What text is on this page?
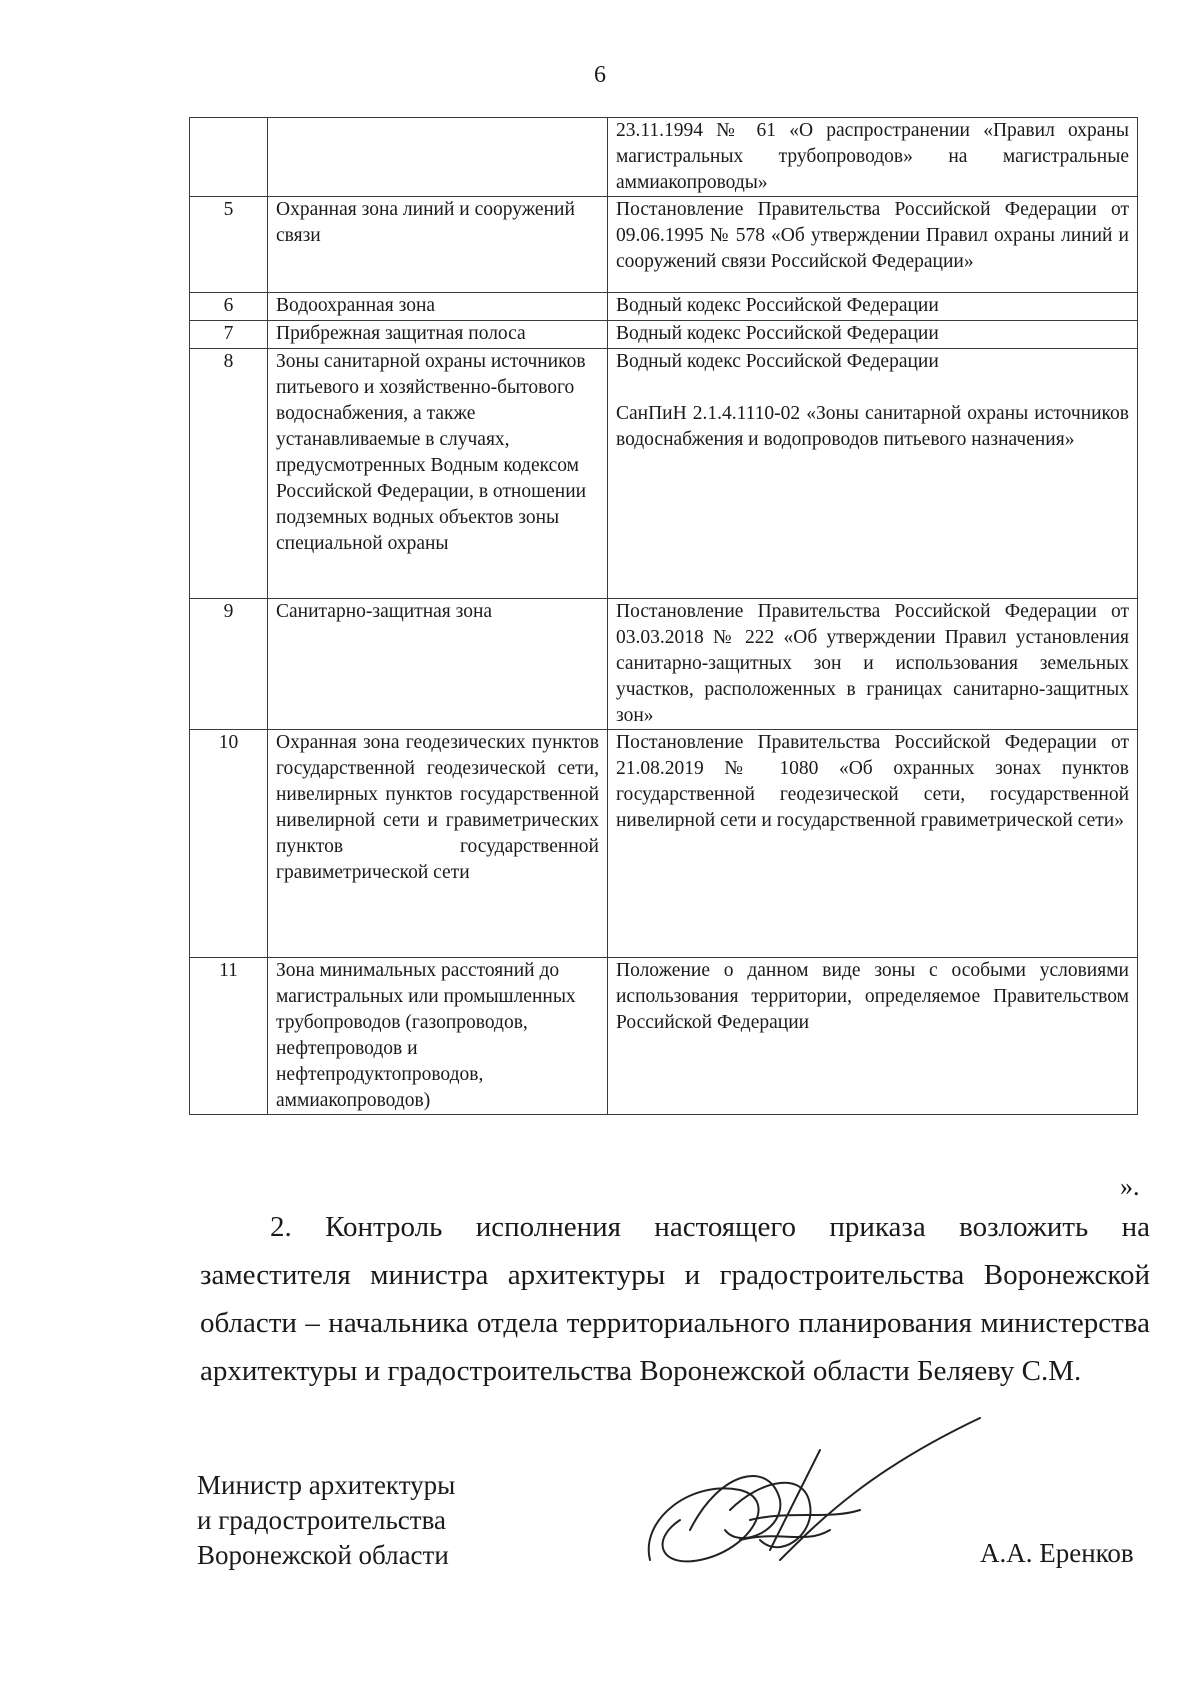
6
		23.11.1994 № 61 «О распространении «Правил охраны магистральных трубопроводов» на магистральные аммиакопроводы»
5	Охранная зона линий и сооружений связи	Постановление Правительства Российской Федерации от 09.06.1995 № 578 «Об утверждении Правил охраны линий и сооружений связи Российской Федерации»
6	Водоохранная зона	Водный кодекс Российской Федерации
7	Прибрежная защитная полоса	Водный кодекс Российской Федерации
8	Зоны санитарной охраны источников питьевого и хозяйственно-бытового водоснабжения, а также устанавливаемые в случаях, предусмотренных Водным кодексом Российской Федерации, в отношении подземных водных объектов зоны специальной охраны	Водный кодекс Российской Федерации
СанПиН 2.1.4.1110-02 «Зоны санитарной охраны источников водоснабжения и водопроводов питьевого назначения»
9	Санитарно-защитная зона	Постановление Правительства Российской Федерации от 03.03.2018 № 222 «Об утверждении Правил установления санитарно-защитных зон и использования земельных участков, расположенных в границах санитарно-защитных зон»
10	Охранная зона геодезических пунктов государственной геодезической сети, нивелирных пунктов государственной нивелирной сети и гравиметрических пунктов государственной гравиметрической сети	Постановление Правительства Российской Федерации от 21.08.2019 № 1080 «Об охранных зонах пунктов государственной геодезической сети, государственной нивелирной сети и государственной гравиметрической сети»
11	Зона минимальных расстояний до магистральных или промышленных трубопроводов (газопроводов, нефтепроводов и нефтепродуктопроводов, аммиакопроводов)	Положение о данном виде зоны с особыми условиями использования территории, определяемое Правительством Российской Федерации
».
2. Контроль исполнения настоящего приказа возложить на заместителя министра архитектуры и градостроительства Воронежской области – начальника отдела территориального планирования министерства архитектуры и градостроительства Воронежской области Беляеву С.М.
Министр архитектуры
и градостроительства
Воронежской области	А.А. Еренков
